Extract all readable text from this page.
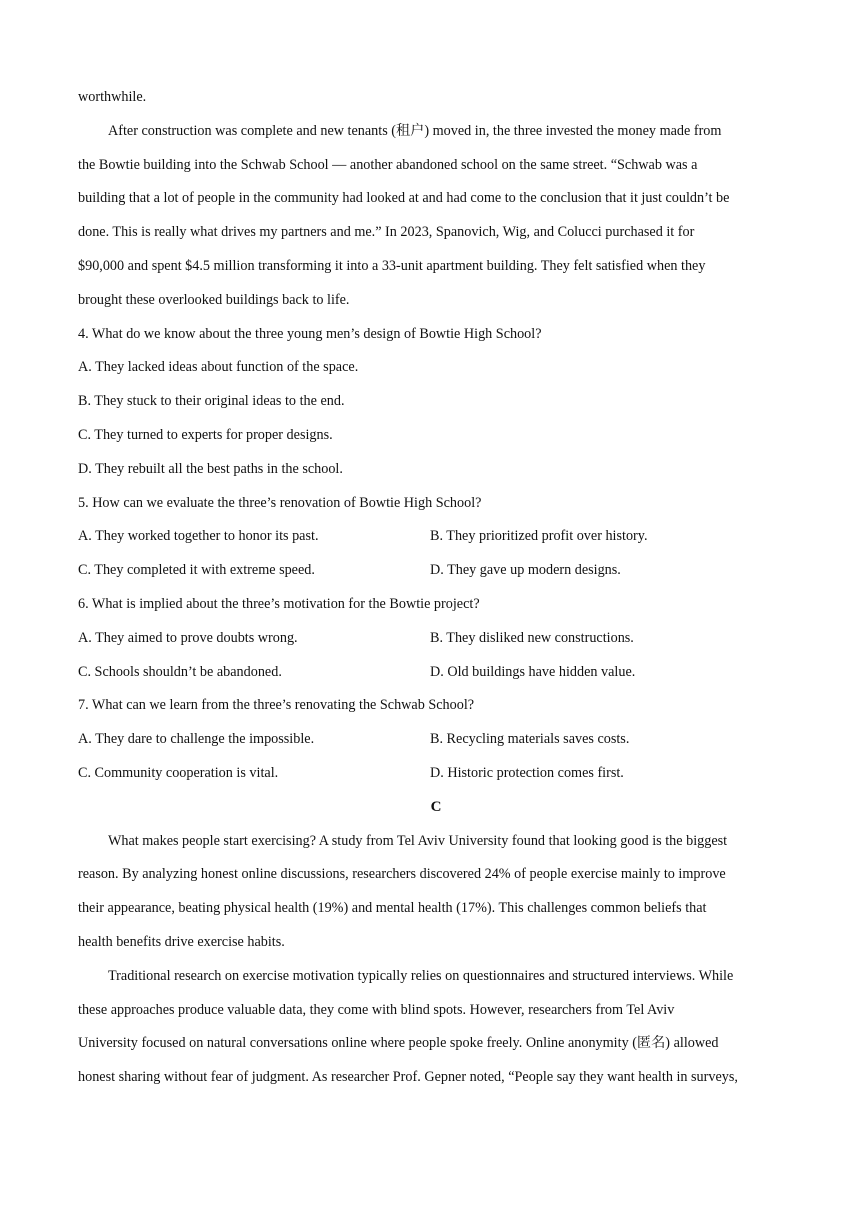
worthwhile.
After construction was complete and new tenants (租户) moved in, the three invested the money made from
the Bowtie building into the Schwab School — another abandoned school on the same street. “Schwab was a
building that a lot of people in the community had looked at and had come to the conclusion that it just couldn’t be
done. This is really what drives my partners and me.” In 2023, Spanovich, Wig, and Colucci purchased it for
$90,000 and spent $4.5 million transforming it into a 33-unit apartment building. They felt satisfied when they
brought these overlooked buildings back to life.
4. What do we know about the three young men’s design of Bowtie High School?
A. They lacked ideas about function of the space.
B. They stuck to their original ideas to the end.
C. They turned to experts for proper designs.
D. They rebuilt all the best paths in the school.
5. How can we evaluate the three’s renovation of Bowtie High School?
A. They worked together to honor its past.	B. They prioritized profit over history.
C. They completed it with extreme speed.	D. They gave up modern designs.
6. What is implied about the three’s motivation for the Bowtie project?
A. They aimed to prove doubts wrong.	B. They disliked new constructions.
C. Schools shouldn’t be abandoned.	D. Old buildings have hidden value.
7. What can we learn from the three’s renovating the Schwab School?
A. They dare to challenge the impossible.	B. Recycling materials saves costs.
C. Community cooperation is vital.	D. Historic protection comes first.
C
What makes people start exercising? A study from Tel Aviv University found that looking good is the biggest
reason. By analyzing honest online discussions, researchers discovered 24% of people exercise mainly to improve
their appearance, beating physical health (19%) and mental health (17%). This challenges common beliefs that
health benefits drive exercise habits.
Traditional research on exercise motivation typically relies on questionnaires and structured interviews. While
these approaches produce valuable data, they come with blind spots. However, researchers from Tel Aviv
University focused on natural conversations online where people spoke freely. Online anonymity (匿名) allowed
honest sharing without fear of judgment. As researcher Prof. Gepner noted, “People say they want health in surveys,
